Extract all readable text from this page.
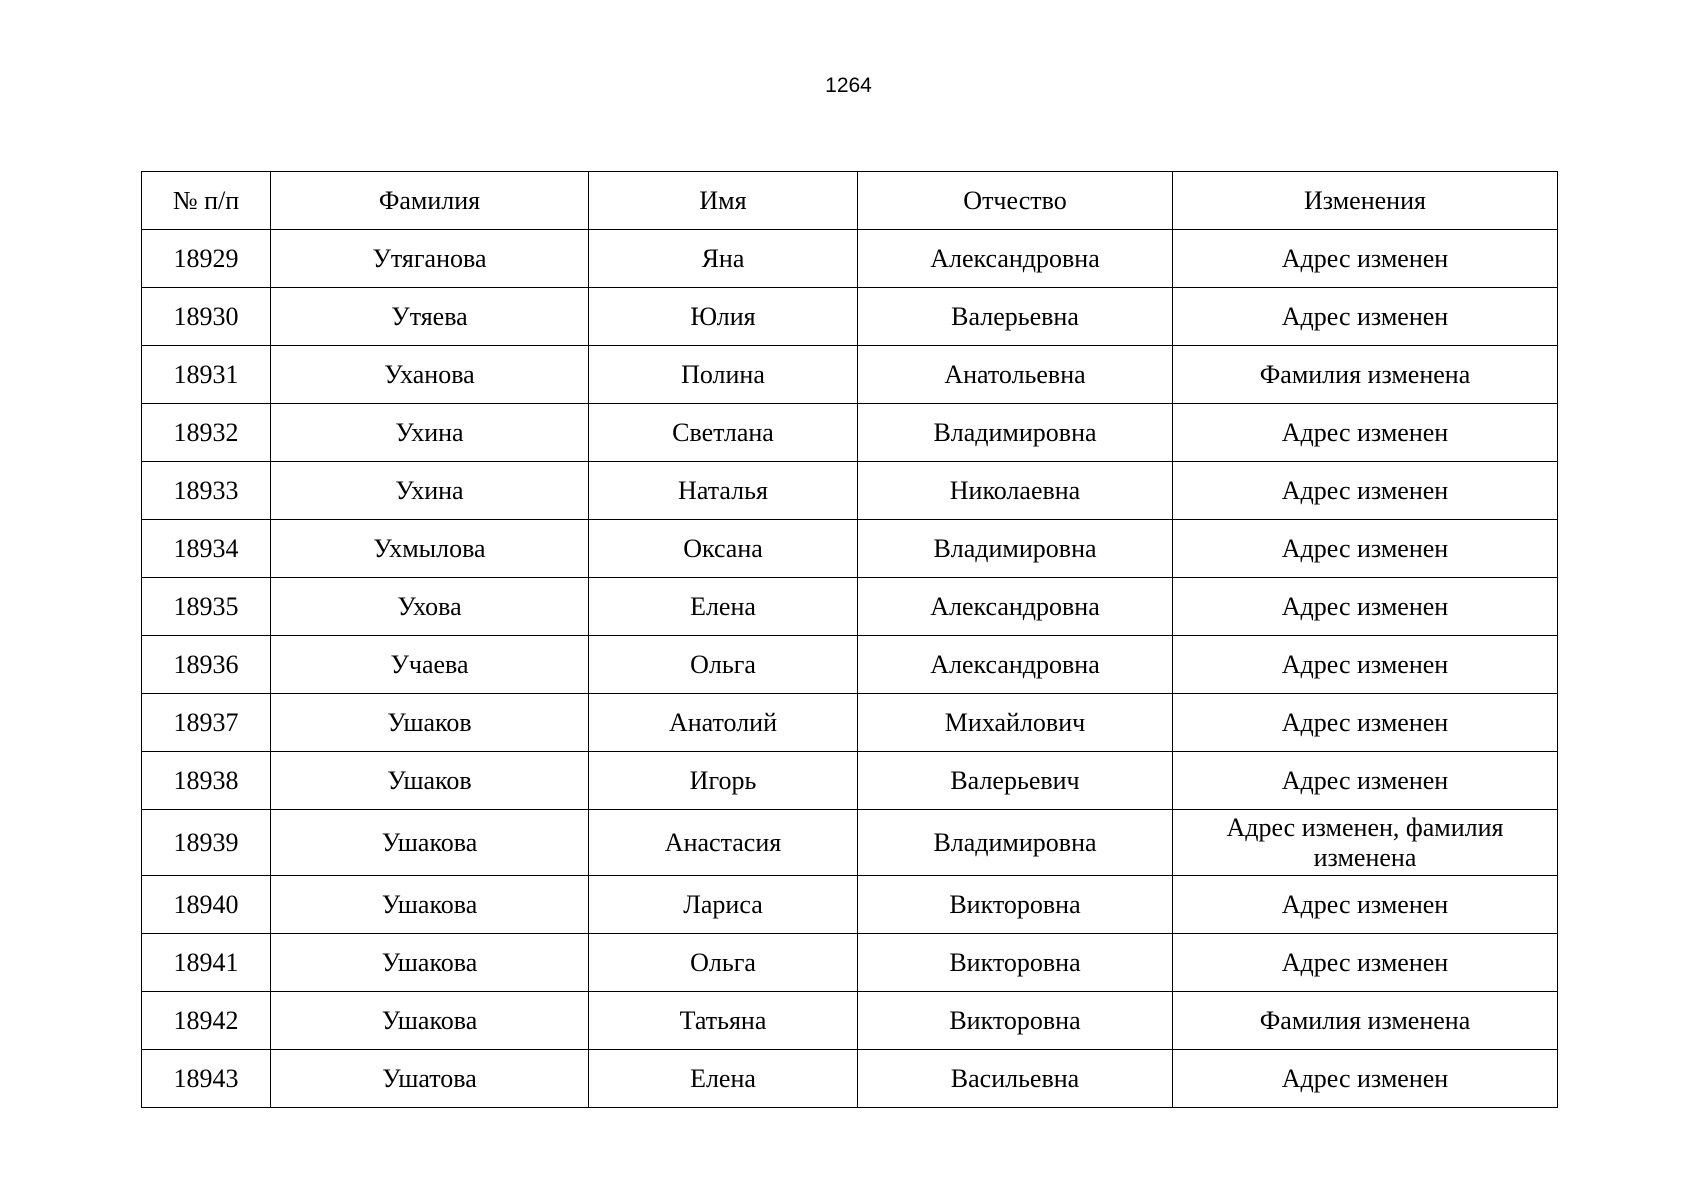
1264
№ п/п	Фамилия	Имя	Отчество	Изменения
18929	Утяганова	Яна	Александровна	Адрес изменен
18930	Утяева	Юлия	Валерьевна	Адрес изменен
18931	Уханова	Полина	Анатольевна	Фамилия изменена
18932	Ухина	Светлана	Владимировна	Адрес изменен
18933	Ухина	Наталья	Николаевна	Адрес изменен
18934	Ухмылова	Оксана	Владимировна	Адрес изменен
18935	Ухова	Елена	Александровна	Адрес изменен
18936	Учаева	Ольга	Александровна	Адрес изменен
18937	Ушаков	Анатолий	Михайлович	Адрес изменен
18938	Ушаков	Игорь	Валерьевич	Адрес изменен
18939	Ушакова	Анастасия	Владимировна	Адрес изменен, фамилия изменена
18940	Ушакова	Лариса	Викторовна	Адрес изменен
18941	Ушакова	Ольга	Викторовна	Адрес изменен
18942	Ушакова	Татьяна	Викторовна	Фамилия изменена
18943	Ушатова	Елена	Васильевна	Адрес изменен
